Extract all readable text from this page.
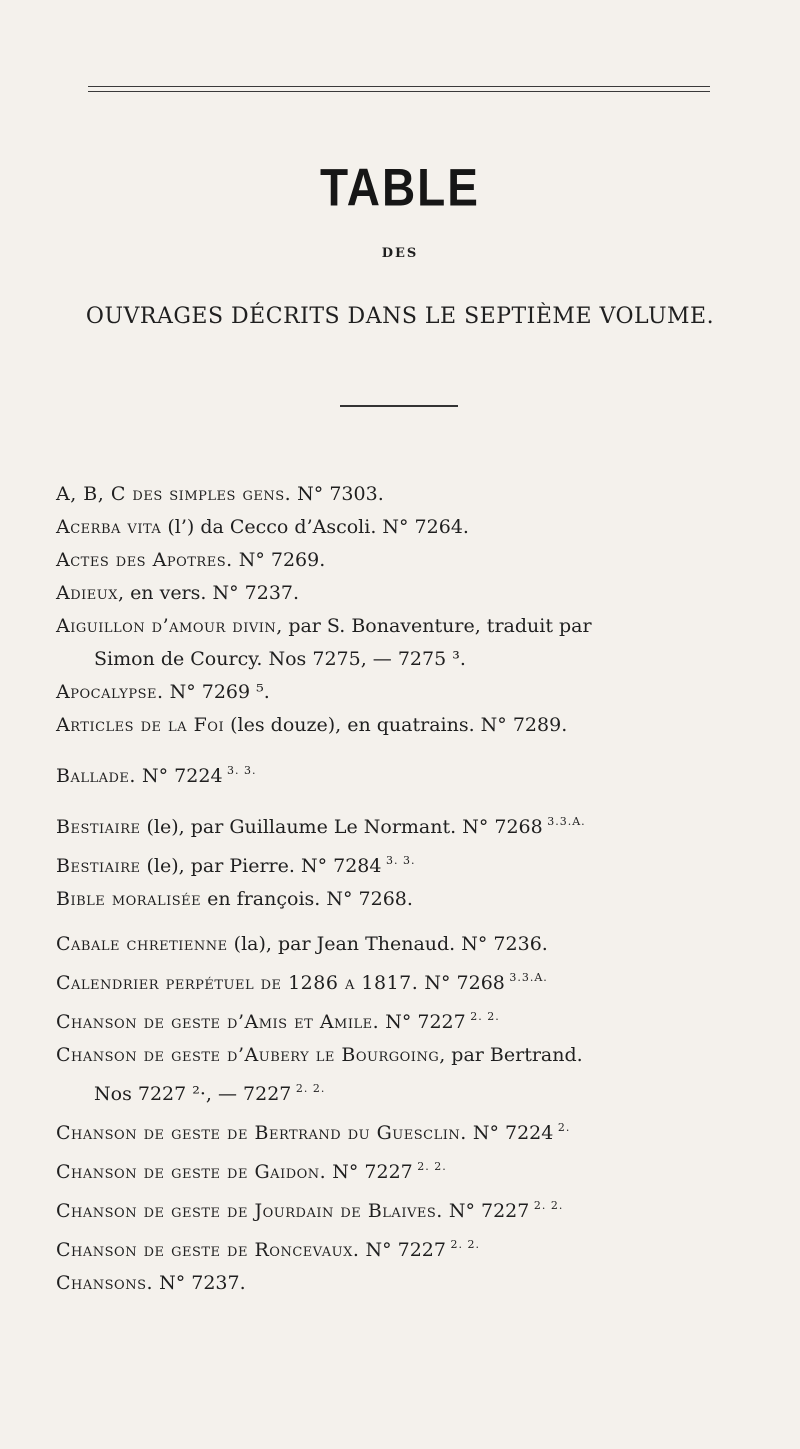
TABLE
DES
OUVRAGES DÉCRITS DANS LE SEPTIÈME VOLUME.
A, B, C des simples gens. N° 7303.
Acerba vita (l’) da Cecco d’Ascoli. N° 7264.
Actes des Apotres. N° 7269.
Adieux, en vers. N° 7237.
Aiguillon d’amour divin, par S. Bonaventure, traduit par
Simon de Courcy. Nos 7275, — 7275 ³.
Apocalypse. N° 7269 ⁵.
Articles de la Foi (les douze), en quatrains. N° 7289.
Ballade. N° 7224 $^{3. 3.}$
Bestiaire (le), par Guillaume Le Normant. N° 7268 $^{3.3.A.}$
Bestiaire (le), par Pierre. N° 7284 $^{3. 3.}$
Bible moralisée en françois. N° 7268.
Cabale chretienne (la), par Jean Thenaud. N° 7236.
Calendrier perpétuel de 1286 a 1817. N° 7268 $^{3.3.A.}$
Chanson de geste d’Amis et Amile. N° 7227 $^{2. 2.}$
Chanson de geste d’Aubery le Bourgoing, par Bertrand.
Nos 7227 ²·, — 7227 $^{2. 2.}$
Chanson de geste de Bertrand du Guesclin. N° 7224 $^{2.}$
Chanson de geste de Gaidon. N° 7227 $^{2. 2.}$
Chanson de geste de Jourdain de Blaives. N° 7227 $^{2. 2.}$
Chanson de geste de Roncevaux. N° 7227 $^{2. 2.}$
Chansons. N° 7237.
